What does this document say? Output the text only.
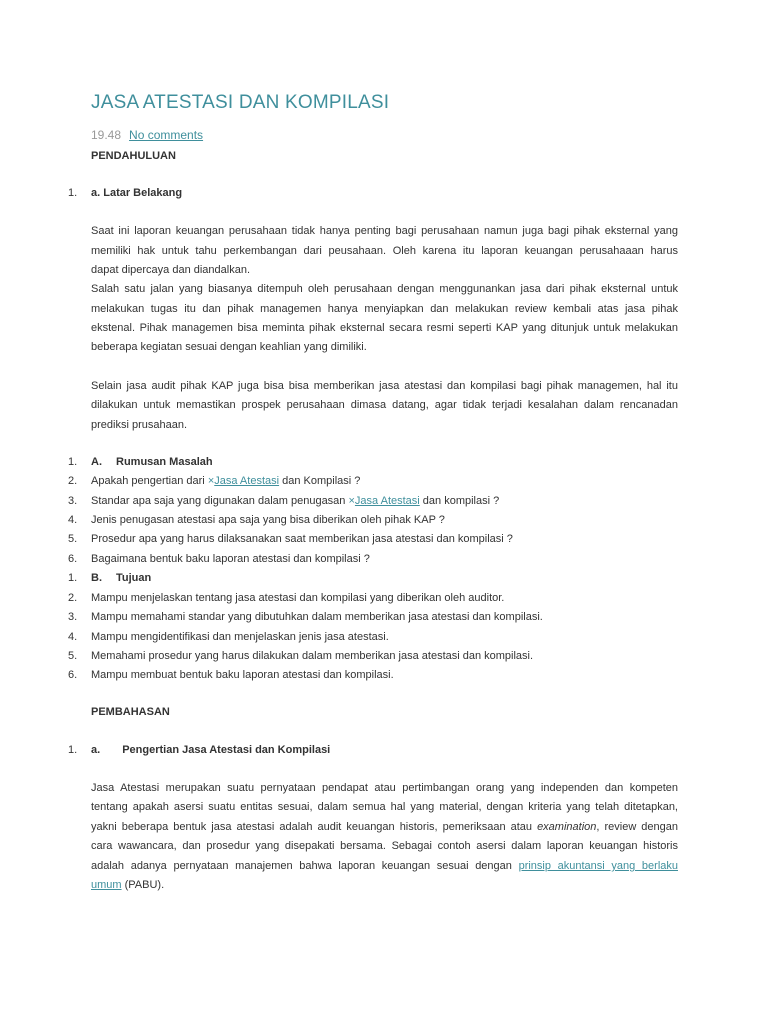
JASA ATESTASI DAN KOMPILASI
19.48 No comments
PENDAHULUAN
1. a. Latar Belakang
Saat ini laporan keuangan perusahaan tidak hanya penting bagi perusahaan namun juga bagi pihak eksternal yang
memiliki hak untuk tahu perkembangan dari peusahaan. Oleh karena itu laporan keuangan perusahaaan harus
dapat dipercaya dan diandalkan.
Salah satu jalan yang biasanya ditempuh oleh perusahaan dengan menggunankan jasa dari pihak eksternal untuk
melakukan tugas itu dan pihak managemen hanya menyiapkan dan melakukan review kembali atas jasa pihak
ekstenal. Pihak managemen bisa meminta pihak eksternal secara resmi seperti KAP yang ditunjuk untuk melakukan
beberapa kegiatan sesuai dengan keahlian yang dimiliki.
Selain jasa audit pihak KAP juga bisa bisa memberikan jasa atestasi dan kompilasi bagi pihak managemen, hal itu
dilakukan untuk memastikan prospek perusahaan dimasa datang, agar tidak terjadi kesalahan dalam rencanadan
prediksi prusahaan.
1. A. Rumusan Masalah
2. Apakah pengertian dari ×Jasa Atestasi dan Kompilasi ?
3. Standar apa saja yang digunakan dalam penugasan ×Jasa Atestasi dan kompilasi ?
4. Jenis penugasan atestasi apa saja yang bisa diberikan oleh pihak KAP ?
5. Prosedur apa yang harus dilaksanakan saat memberikan jasa atestasi dan kompilasi ?
6. Bagaimana bentuk baku laporan atestasi dan kompilasi ?
1. B. Tujuan
2. Mampu menjelaskan tentang jasa atestasi dan kompilasi yang diberikan oleh auditor.
3. Mampu memahami standar yang dibutuhkan dalam memberikan jasa atestasi dan kompilasi.
4. Mampu mengidentifikasi dan menjelaskan jenis jasa atestasi.
5. Memahami prosedur yang harus dilakukan dalam memberikan jasa atestasi dan kompilasi.
6. Mampu membuat bentuk baku laporan atestasi dan kompilasi.
PEMBAHASAN
1. a. Pengertian Jasa Atestasi dan Kompilasi
Jasa Atestasi merupakan suatu pernyataan pendapat atau pertimbangan orang yang independen dan kompeten
tentang apakah asersi suatu entitas sesuai, dalam semua hal yang material, dengan kriteria yang telah ditetapkan,
yakni beberapa bentuk jasa atestasi adalah audit keuangan historis, pemeriksaan atau examination, review dengan
cara wawancara, dan prosedur yang disepakati bersama. Sebagai contoh asersi dalam laporan keuangan historis
adalah adanya pernyataan manajemen bahwa laporan keuangan sesuai dengan prinsip akuntansi yang berlaku
umum (PABU).
